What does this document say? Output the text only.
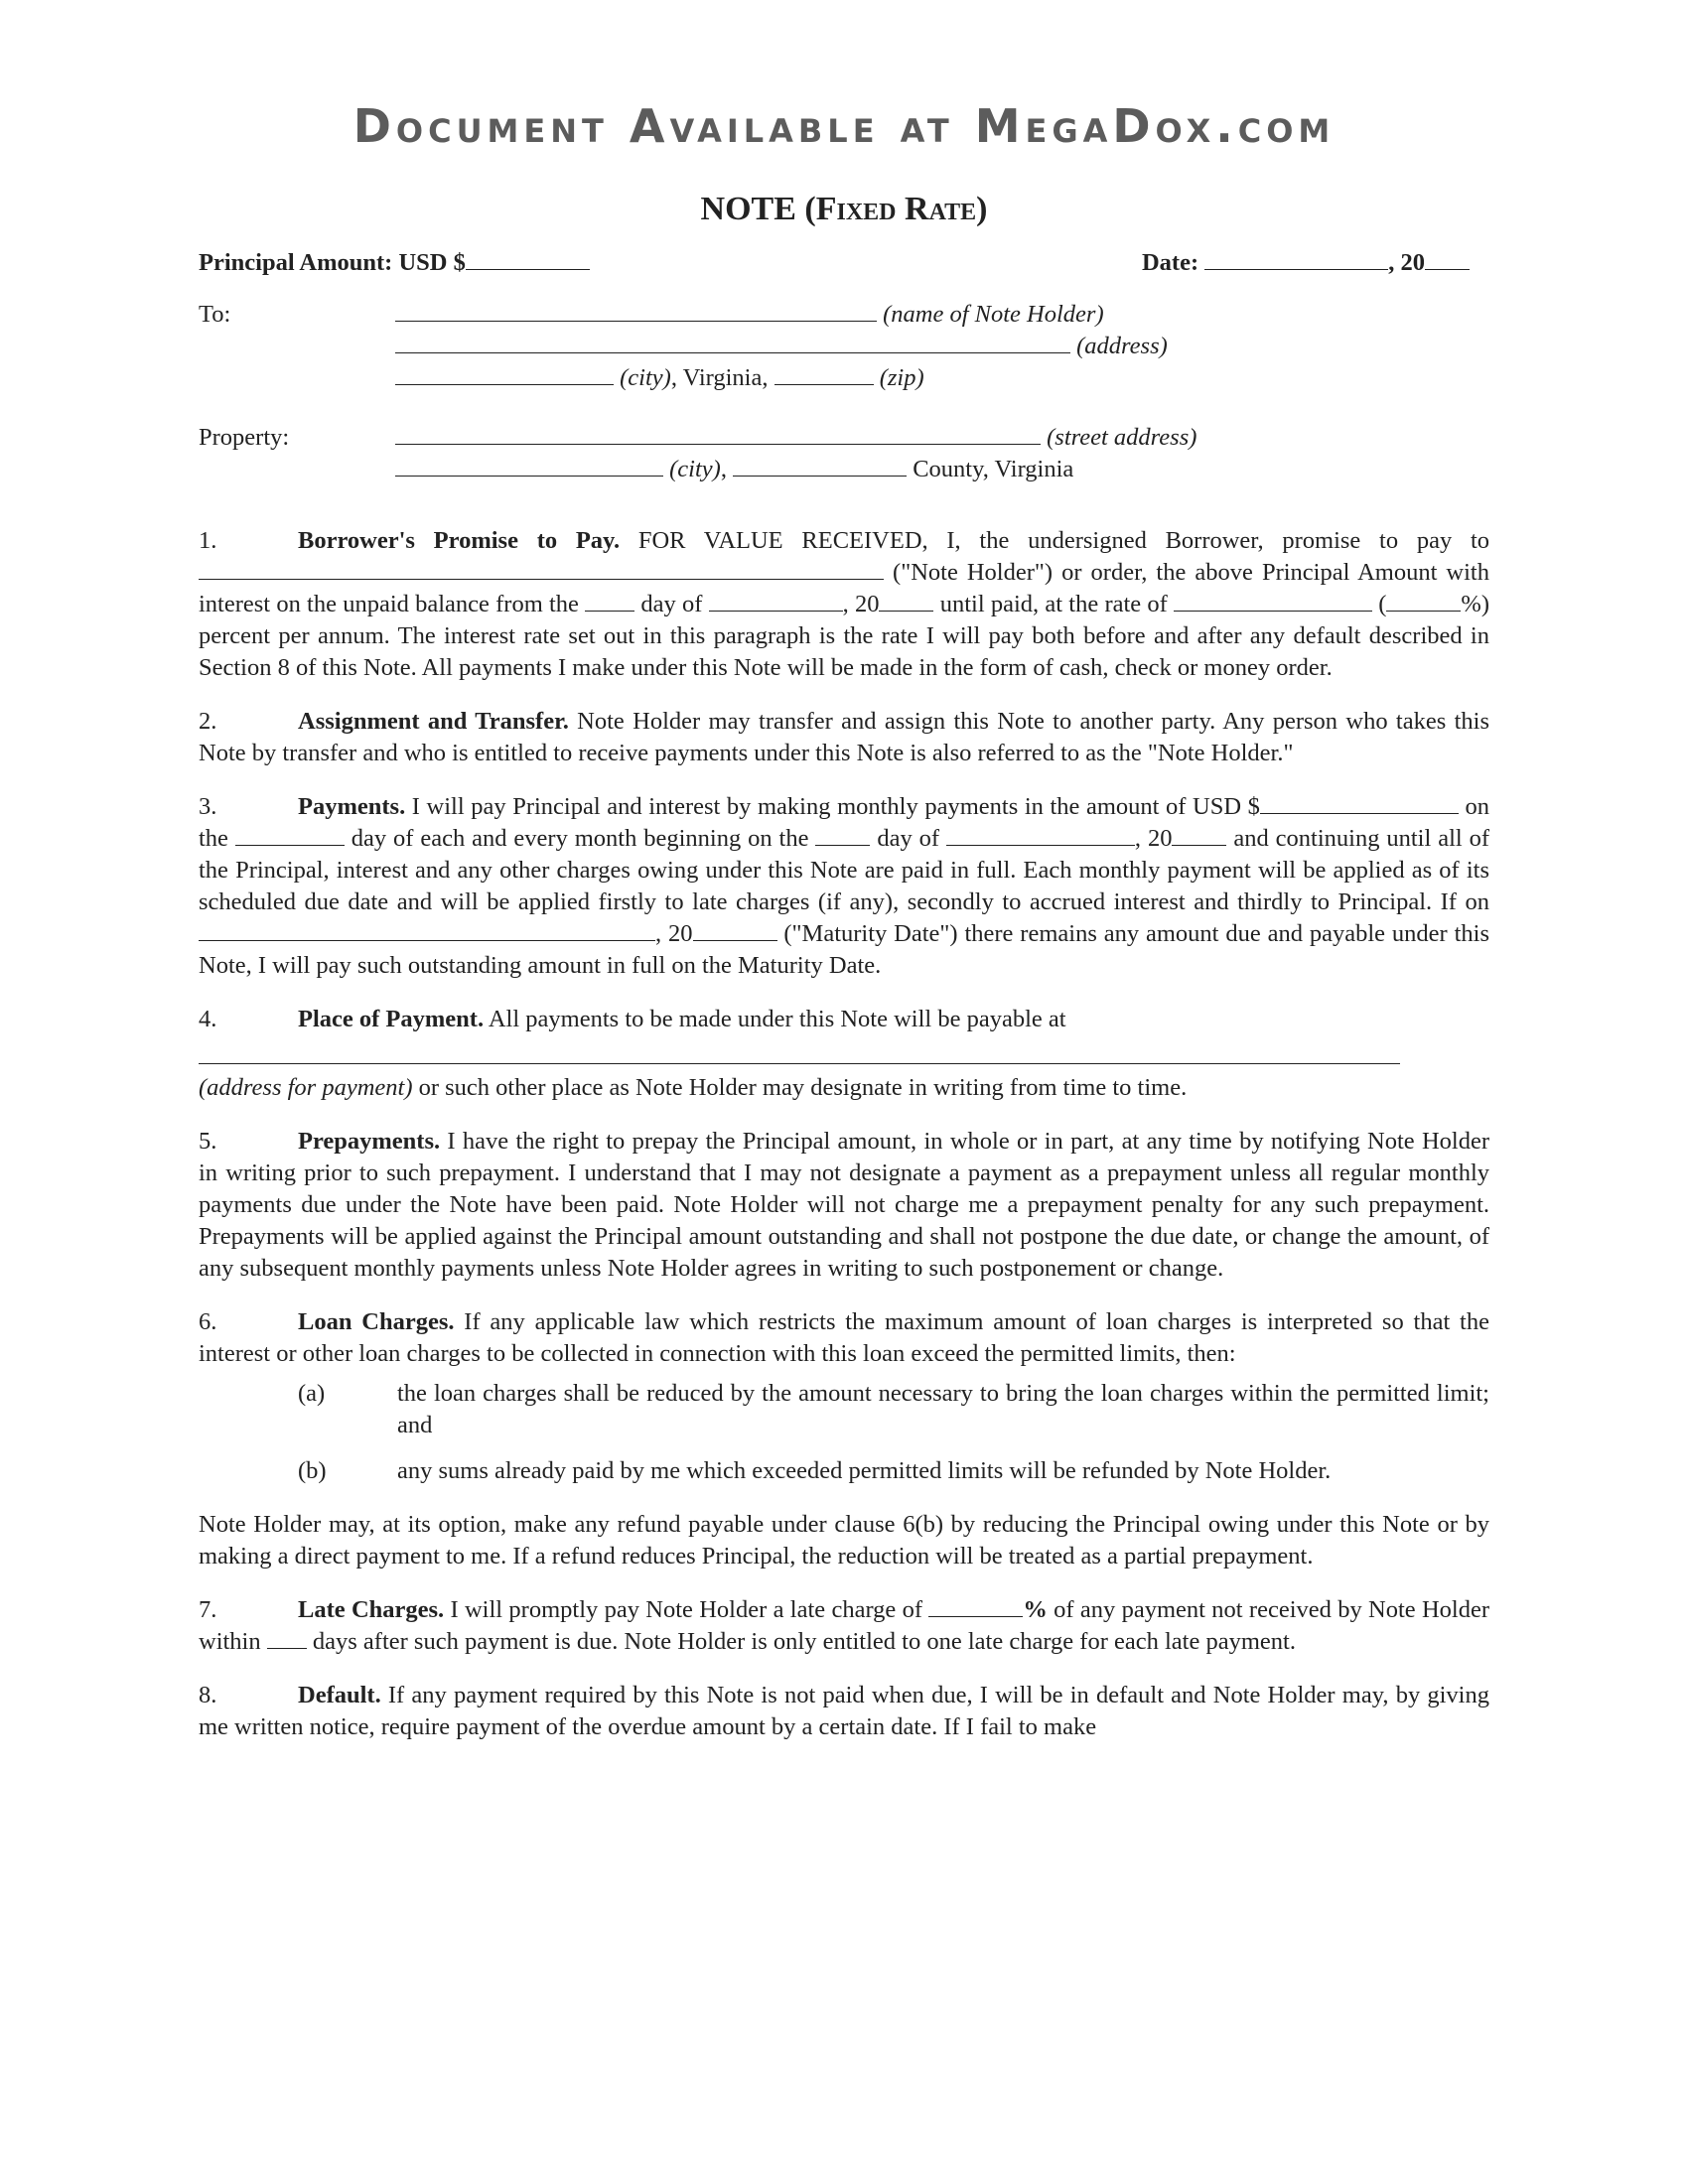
Document Available at MegaDox.com
NOTE (Fixed Rate)
Principal Amount: USD $	Date:	, 20
To:	(name of Note Holder)
(address)
(city), Virginia,	(zip)
Property:	(street address)
(city),	County, Virginia

1.	Borrower's Promise to Pay. FOR VALUE RECEIVED, I, the undersigned Borrower, promise to pay to  ("Note Holder") or order, the above Principal Amount with interest on the unpaid balance from the  day of	, 20 until paid, at the rate of	(	%) percent per annum. The interest rate set out in this paragraph is the rate I will pay both before and after any default described in Section 8 of this Note. All payments I make under this Note will be made in the form of cash, check or money order.

2.	Assignment and Transfer. Note Holder may transfer and assign this Note to another party. Any person who takes this Note by transfer and who is entitled to receive payments under this Note is also referred to as the "Note Holder."

3.	Payments. I will pay Principal and interest by making monthly payments in the amount of USD $	on the	day of each and every month beginning on the  day of	, 20 and continuing until all of the Principal, interest and any other charges owing under this Note are paid in full. Each monthly payment will be applied as of its scheduled due date and will be applied firstly to late charges (if any), secondly to accrued interest and thirdly to Principal. If on , 20	("Maturity Date") there remains any amount due and payable under this Note, I will pay such outstanding amount in full on the Maturity Date.

4.	Place of Payment. All payments to be made under this Note will be payable at
(address for payment) or such other place as Note Holder may designate in writing from time to time.

5.	Prepayments. I have the right to prepay the Principal amount, in whole or in part, at any time by notifying Note Holder in writing prior to such prepayment. I understand that I may not designate a payment as a prepayment unless all regular monthly payments due under the Note have been paid. Note Holder will not charge me a prepayment penalty for any such prepayment. Prepayments will be applied against the Principal amount outstanding and shall not postpone the due date, or change the amount, of any subsequent monthly payments unless Note Holder agrees in writing to such postponement or change.

6.	Loan Charges. If any applicable law which restricts the maximum amount of loan charges is interpreted so that the interest or other loan charges to be collected in connection with this loan exceed the permitted limits, then:

(a)	the loan charges shall be reduced by the amount necessary to bring the loan charges within the permitted limit; and
(b)	any sums already paid by me which exceeded permitted limits will be refunded by Note Holder.

Note Holder may, at its option, make any refund payable under clause 6(b) by reducing the Principal owing under this Note or by making a direct payment to me. If a refund reduces Principal, the reduction will be treated as a partial prepayment.

7.	Late Charges. I will promptly pay Note Holder a late charge of	% of any payment not received by Note Holder within  days after such payment is due. Note Holder is only entitled to one late charge for each late payment.

8.	Default. If any payment required by this Note is not paid when due, I will be in default and Note Holder may, by giving me written notice, require payment of the overdue amount by a certain date. If I fail to make
